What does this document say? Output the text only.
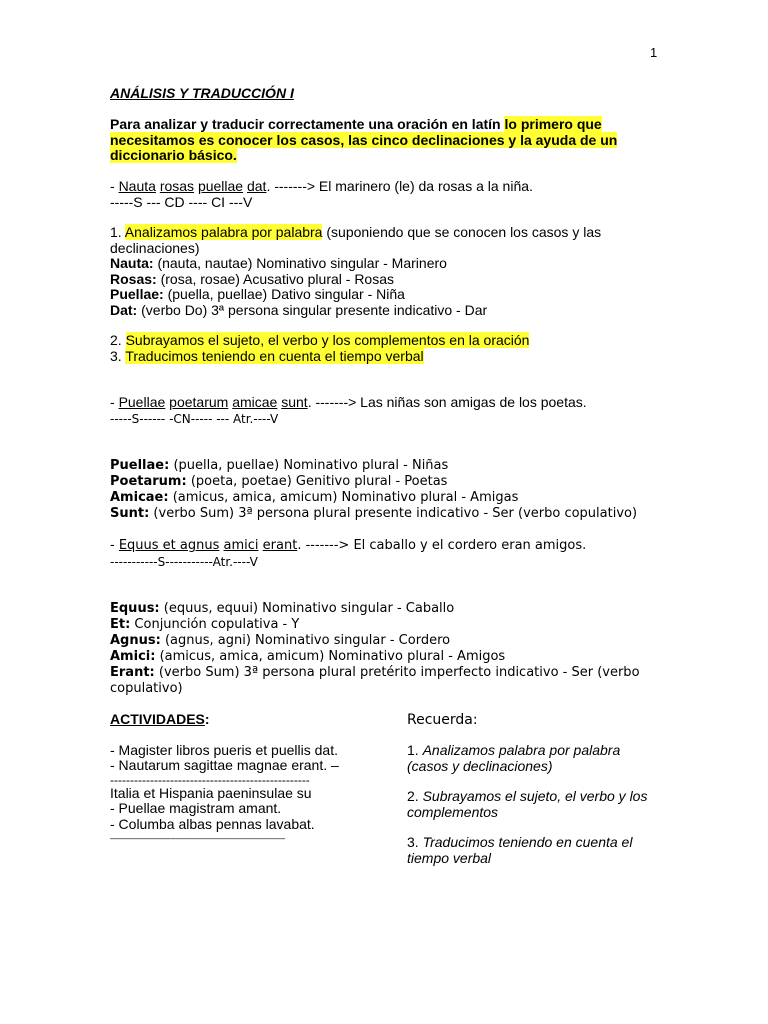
1
ANÁLISIS Y TRADUCCIÓN I
Para analizar y traducir correctamente una oración en latín lo primero que
necesitamos es conocer los casos, las cinco declinaciones y la ayuda de un
diccionario básico.
- Nauta rosas puellae dat. -------> El marinero (le) da rosas a la niña.
-----S --- CD ---- CI ---V
1. Analizamos palabra por palabra (suponiendo que se conocen los casos y las
declinaciones)
Nauta: (nauta, nautae) Nominativo singular - Marinero
Rosas: (rosa, rosae) Acusativo plural - Rosas
Puellae: (puella, puellae) Dativo singular - Niña
Dat: (verbo Do) 3ª persona singular presente indicativo - Dar
2. Subrayamos el sujeto, el verbo y los complementos en la oración
3. Traducimos teniendo en cuenta el tiempo verbal
- Puellae poetarum amicae sunt. -------> Las niñas son amigas de los poetas.
-----S------ -CN----- --- Atr.----V
Puellae: (puella, puellae) Nominativo plural - Niñas
Poetarum: (poeta, poetae) Genitivo plural - Poetas
Amicae: (amicus, amica, amicum) Nominativo plural - Amigas
Sunt: (verbo Sum) 3ª persona plural presente indicativo - Ser (verbo copulativo)
- Equus et agnus amici erant. -------> El caballo y el cordero eran amigos.
-----------S-----------Atr.----V
Equus: (equus, equui) Nominativo singular - Caballo
Et: Conjunción copulativa - Y
Agnus: (agnus, agni) Nominativo singular - Cordero
Amici: (amicus, amica, amicum) Nominativo plural - Amigos
Erant: (verbo Sum) 3ª persona plural pretérito imperfecto indicativo - Ser (verbo
copulativo)
ACTIVIDADES:
- Magister libros pueris et puellis dat.
- Nautarum sagittae magnae erant. –
--------------------------------------------------
Italia et Hispania paeninsulae su
- Puellae magistram amant.
- Columba albas pennas lavabat.
–––––––––––––––––––––––––––––––––––
Recuerda:
1. Analizamos palabra por palabra
(casos y declinaciones)
2. Subrayamos el sujeto, el verbo y los
complementos
3. Traducimos teniendo en cuenta el
tiempo verbal
